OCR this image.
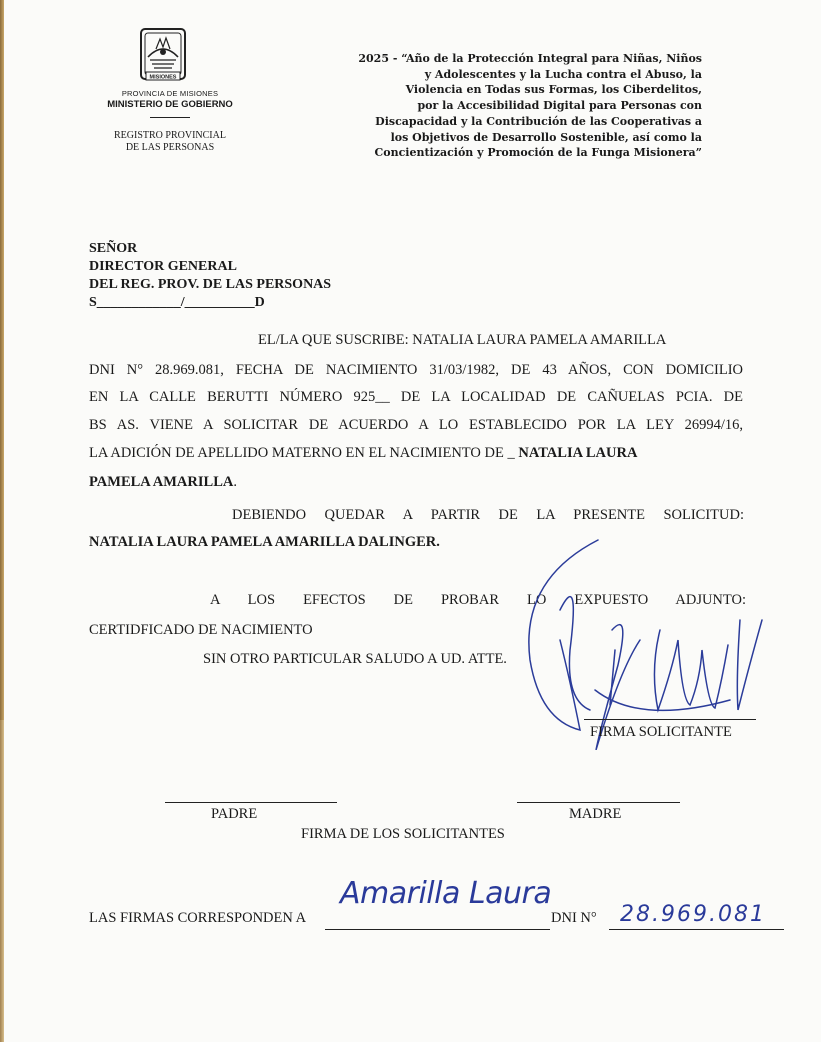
MISIONES
PROVINCIA DE MISIONES
MINISTERIO DE GOBIERNO
REGISTRO PROVINCIAL
DE LAS PERSONAS
2025 - “Año de la Protección Integral para Niñas, Niños
y Adolescentes y la Lucha contra el Abuso, la
Violencia en Todas sus Formas, los Ciberdelitos,
por la Accesibilidad Digital para Personas con
Discapacidad y la Contribución de las Cooperativas a
los Objetivos de Desarrollo Sostenible, así como la
Concientización y Promoción de la Funga Misionera”
SEÑOR
DIRECTOR GENERAL
DEL REG. PROV. DE LAS PERSONAS
S____________/__________D
EL/LA QUE SUSCRIBE: NATALIA LAURA PAMELA AMARILLA
DNI N° 28.969.081, FECHA DE NACIMIENTO 31/03/1982, DE 43 AÑOS, CON DOMICILIO
EN LA CALLE BERUTTI NÚMERO 925__ DE LA LOCALIDAD DE CAÑUELAS PCIA. DE
BS AS. VIENE A SOLICITAR DE ACUERDO A LO ESTABLECIDO POR LA LEY 26994/16,
LA ADICIÓN DE APELLIDO MATERNO EN EL NACIMIENTO DE _ NATALIA LAURA
PAMELA AMARILLA.
DEBIENDO QUEDAR A PARTIR DE LA PRESENTE SOLICITUD:
NATALIA LAURA PAMELA AMARILLA DALINGER.
A LOS EFECTOS DE PROBAR LO EXPUESTO ADJUNTO:
CERTIDFICADO DE NACIMIENTO
SIN OTRO PARTICULAR SALUDO A UD. ATTE.
FIRMA SOLICITANTE
PADRE	MADRE
FIRMA DE LOS SOLICITANTES
LAS FIRMAS CORRESPONDEN A
Amarilla Laura
DNI N° 28.969.081
